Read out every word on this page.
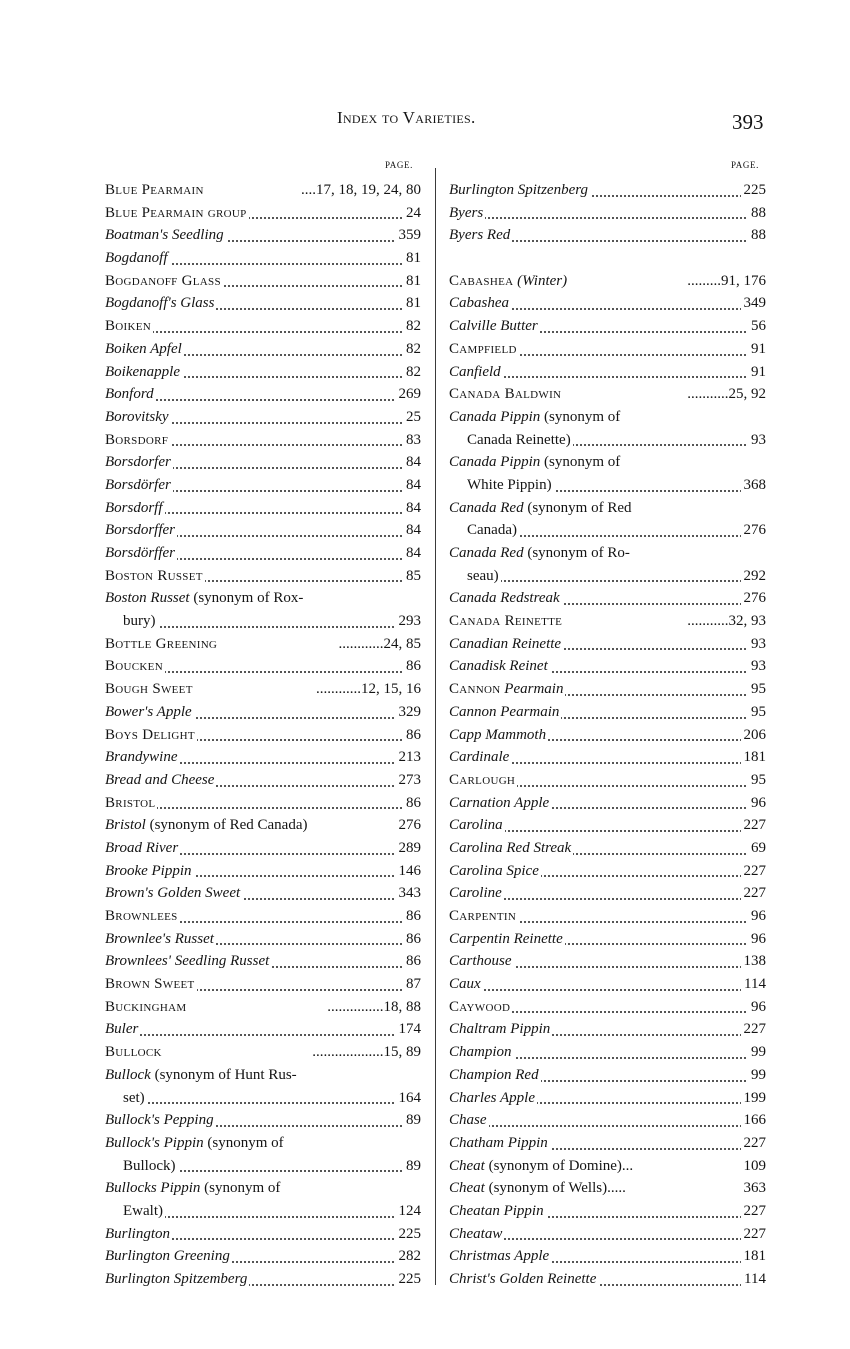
Index to Varieties.	393
PAGE.	PAGE.
Blue Pearmain	....17, 18, 19, 24, 80
Blue Pearmain group	24
Boatman's Seedling	359
Bogdanoff	81
Bogdanoff Glass	81
Bogdanoff's Glass	81
Boiken	82
Boiken Apfel	82
Boikenapple	82
Bonford	269
Borovitsky	25
Borsdorf	83
Borsdorfer	84
Borsdörfer	84
Borsdorff	84
Borsdorffer	84
Borsdörffer	84
Boston Russet	85
Boston Russet (synonym of Rox-
bury)	293
Bottle Greening	............24, 85
Boucken	86
Bough Sweet	............12, 15, 16
Bower's Apple	329
Boys Delight	86
Brandywine	213
Bread and Cheese	273
Bristol	86
Bristol (synonym of Red Canada)	276
Broad River	289
Brooke Pippin	146
Brown's Golden Sweet	343
Brownlees	86
Brownlee's Russet	86
Brownlees' Seedling Russet	86
Brown Sweet	87
Buckingham	...............18, 88
Buler	174
Bullock	...................15, 89
Bullock (synonym of Hunt Rus-
set)	164
Bullock's Pepping	89
Bullock's Pippin (synonym of
Bullock)	89
Bullocks Pippin (synonym of
Ewalt)	124
Burlington	225
Burlington Greening	282
Burlington Spitzemberg	225
Burlington Spitzenberg	225
Byers	88
Byers Red	88
Cabashea (Winter)	.........91, 176
Cabashea	349
Calville Butter	56
Campfield	91
Canfield	91
Canada Baldwin	...........25, 92
Canada Pippin (synonym of
Canada Reinette)	93
Canada Pippin (synonym of
White Pippin)	368
Canada Red (synonym of Red
Canada)	276
Canada Red (synonym of Ro-
seau)	292
Canada Redstreak	276
Canada Reinette	...........32, 93
Canadian Reinette	93
Canadisk Reinet	93
Cannon Pearmain	95
Cannon Pearmain	95
Capp Mammoth	206
Cardinale	181
Carlough	95
Carnation Apple	96
Carolina	227
Carolina Red Streak	69
Carolina Spice	227
Caroline	227
Carpentin	96
Carpentin Reinette	96
Carthouse	138
Caux	114
Caywood	96
Chaltram Pippin	227
Champion	99
Champion Red	99
Charles Apple	199
Chase	166
Chatham Pippin	227
Cheat (synonym of Domine)...	109
Cheat (synonym of Wells).....	363
Cheatan Pippin	227
Cheataw	227
Christmas Apple	181
Christ's Golden Reinette	114
